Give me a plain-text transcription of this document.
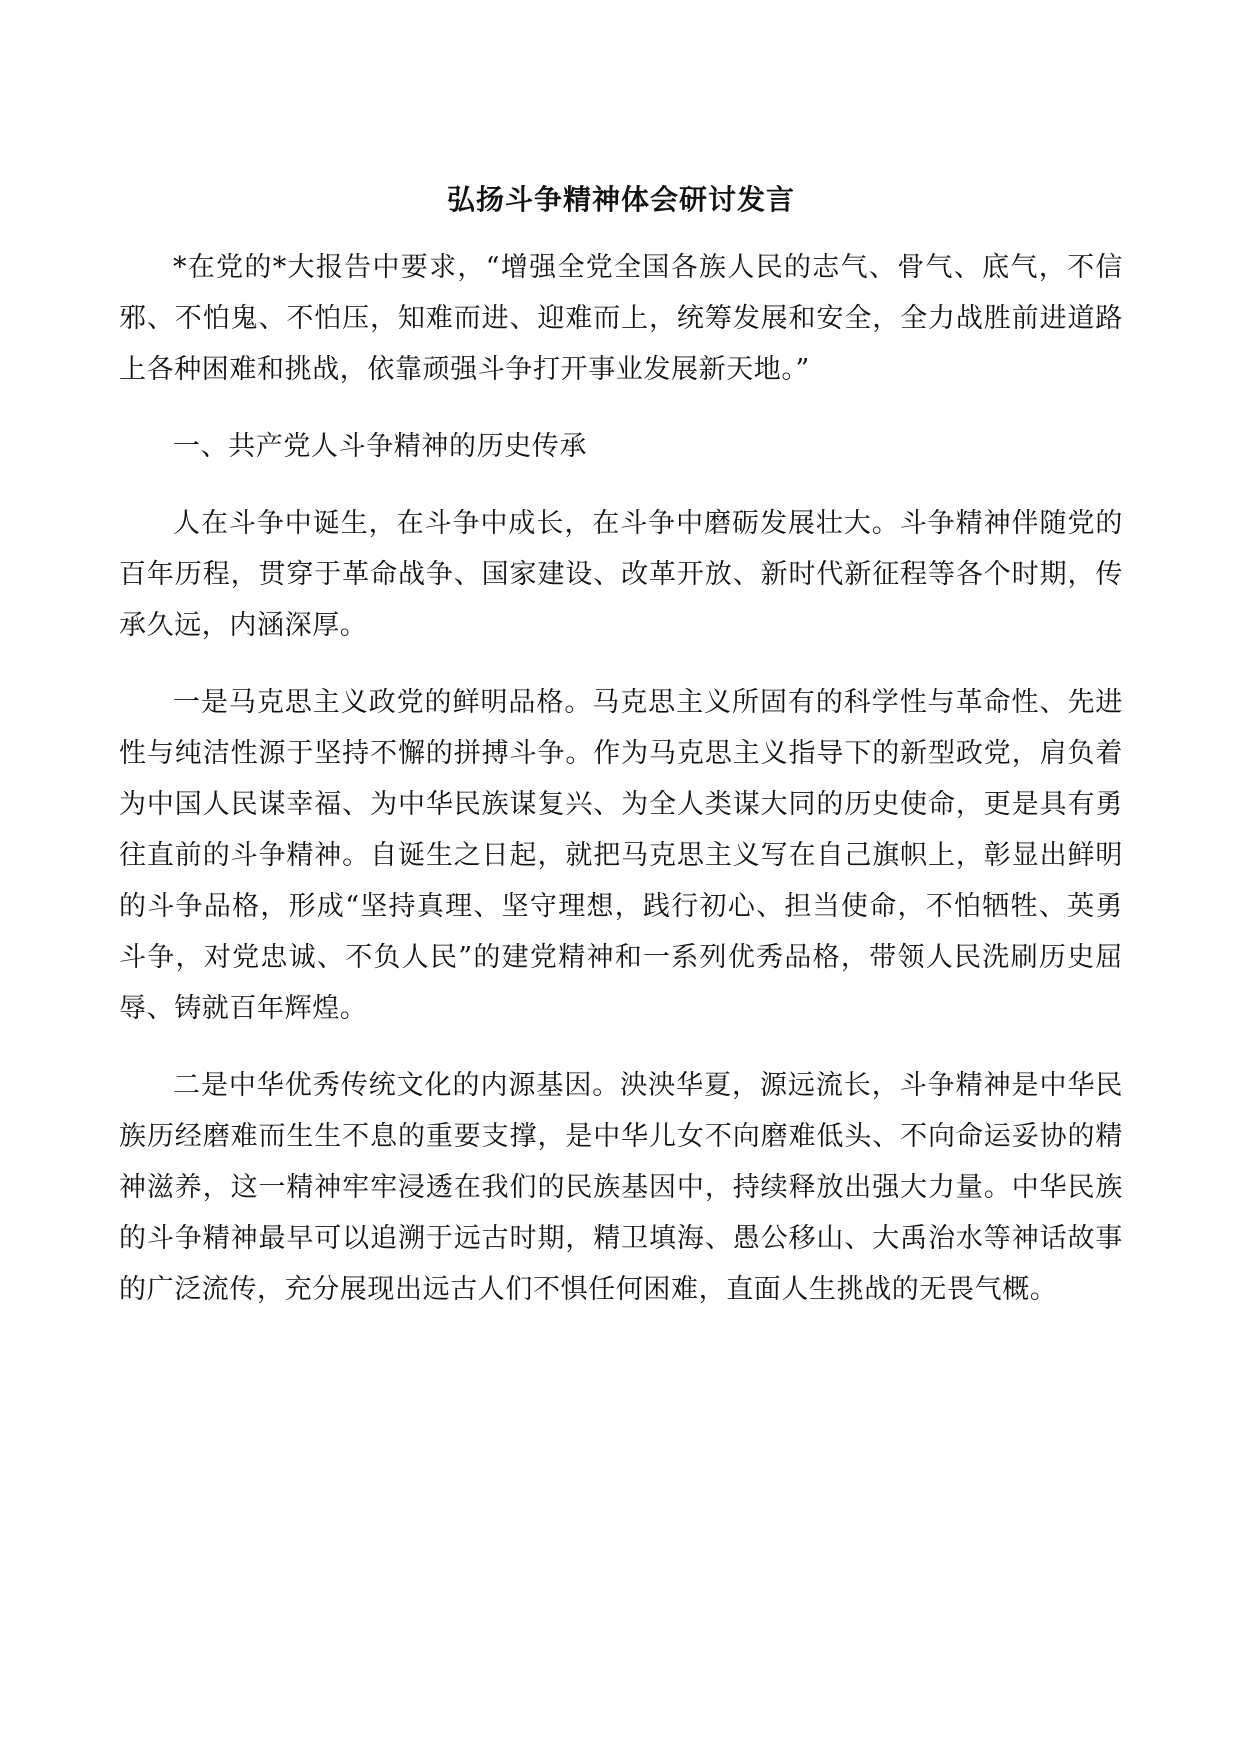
弘扬斗争精神体会研讨发言

*在党的*大报告中要求，“增强全党全国各族人民的志气、骨气、底气，不信邪、不怕鬼、不怕压，知难而进、迎难而上，统筹发展和安全，全力战胜前进道路上各种困难和挑战，依靠顽强斗争打开事业发展新天地。”

一、共产党人斗争精神的历史传承

人在斗争中诞生，在斗争中成长，在斗争中磨砺发展壮大。斗争精神伴随党的百年历程，贯穿于革命战争、国家建设、改革开放、新时代新征程等各个时期，传承久远，内涵深厚。

一是马克思主义政党的鲜明品格。马克思主义所固有的科学性与革命性、先进性与纯洁性源于坚持不懈的拼搏斗争。作为马克思主义指导下的新型政党，肩负着为中国人民谋幸福、为中华民族谋复兴、为全人类谋大同的历史使命，更是具有勇往直前的斗争精神。自诞生之日起，就把马克思主义写在自己旗帜上，彰显出鲜明的斗争品格，形成“坚持真理、坚守理想，践行初心、担当使命，不怕牺牲、英勇斗争，对党忠诚、不负人民”的建党精神和一系列优秀品格，带领人民洗刷历史屈辱、铸就百年辉煌。

二是中华优秀传统文化的内源基因。泱泱华夏，源远流长，斗争精神是中华民族历经磨难而生生不息的重要支撑，是中华儿女不向磨难低头、不向命运妥协的精神滋养，这一精神牢牢浸透在我们的民族基因中，持续释放出强大力量。中华民族的斗争精神最早可以追溯于远古时期，精卫填海、愚公移山、大禹治水等神话故事的广泛流传，充分展现出远古人们不惧任何困难，直面人生挑战的无畏气概。
